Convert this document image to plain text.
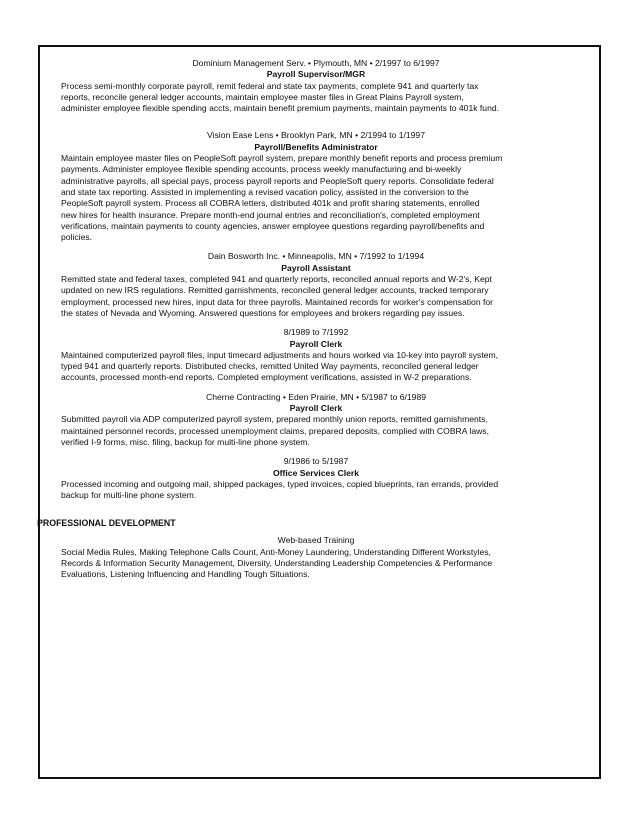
Dominium Management Serv. • Plymouth, MN • 2/1997 to 6/1997
Payroll Supervisor/MGR
Process semi-monthly corporate payroll, remit federal and state tax payments, complete 941 and quarterly tax
reports, reconcile general ledger accounts, maintain employee master files in Great Plains Payroll system,
administer employee flexible spending accts, maintain benefit premium payments, maintain payments to 401k fund.
Vision Ease Lens • Brooklyn Park, MN • 2/1994 to 1/1997
Payroll/Benefits Administrator
Maintain employee master files on PeopleSoft payroll system, prepare monthly benefit reports and process premium
payments. Administer employee flexible spending accounts, process weekly manufacturing and bi-weekly
administrative payrolls, all special pays, process payroll reports and PeopleSoft query reports. Consolidate federal
and state tax reporting. Assisted in implementing a revised vacation policy, assisted in the conversion to the
PeopleSoft payroll system. Process all COBRA letters, distributed 401k and profit sharing statements, enrolled
new hires for health insurance. Prepare month-end journal entries and reconciliation's, completed employment
verifications, maintain payments to county agencies, answer employee questions regarding payroll/benefits and
policies.
Dain Bosworth Inc. • Minneapolis, MN • 7/1992 to 1/1994
Payroll Assistant
Remitted state and federal taxes, completed 941 and quarterly reports, reconciled annual reports and W-2's, Kept
updated on new IRS regulations. Remitted garnishments, reconciled general ledger accounts, tracked temporary
employment, processed new hires, input data for three payrolls. Maintained records for worker's compensation for
the states of Nevada and Wyoming. Answered questions for employees and brokers regarding pay issues.
8/1989 to 7/1992
Payroll Clerk
Maintained computerized payroll files, input timecard adjustments and hours worked via 10-key into payroll system,
typed 941 and quarterly reports. Distributed checks, remitted United Way payments, reconciled general ledger
accounts, processed month-end reports. Completed employment verifications, assisted in W-2 preparations.
Cherne Contracting • Eden Prairie, MN • 5/1987 to 6/1989
Payroll Clerk
Submitted payroll via ADP computerized payroll system, prepared monthly union reports, remitted garnishments,
maintained personnel records, processed unemployment claims, prepared deposits, complied with COBRA laws,
verified I-9 forms, misc. filing, backup for multi-line phone system.
9/1986 to 5/1987
Office Services Clerk
Processed incoming and outgoing mail, shipped packages, typed invoices, copied blueprints, ran errands, provided
backup for multi-line phone system.
PROFESSIONAL DEVELOPMENT
Web-based Training
Social Media Rules, Making Telephone Calls Count, Anti-Money Laundering, Understanding Different Workstyles,
Records & Information Security Management, Diversity, Understanding Leadership Competencies & Performance
Evaluations, Listening Influencing and Handling Tough Situations.
